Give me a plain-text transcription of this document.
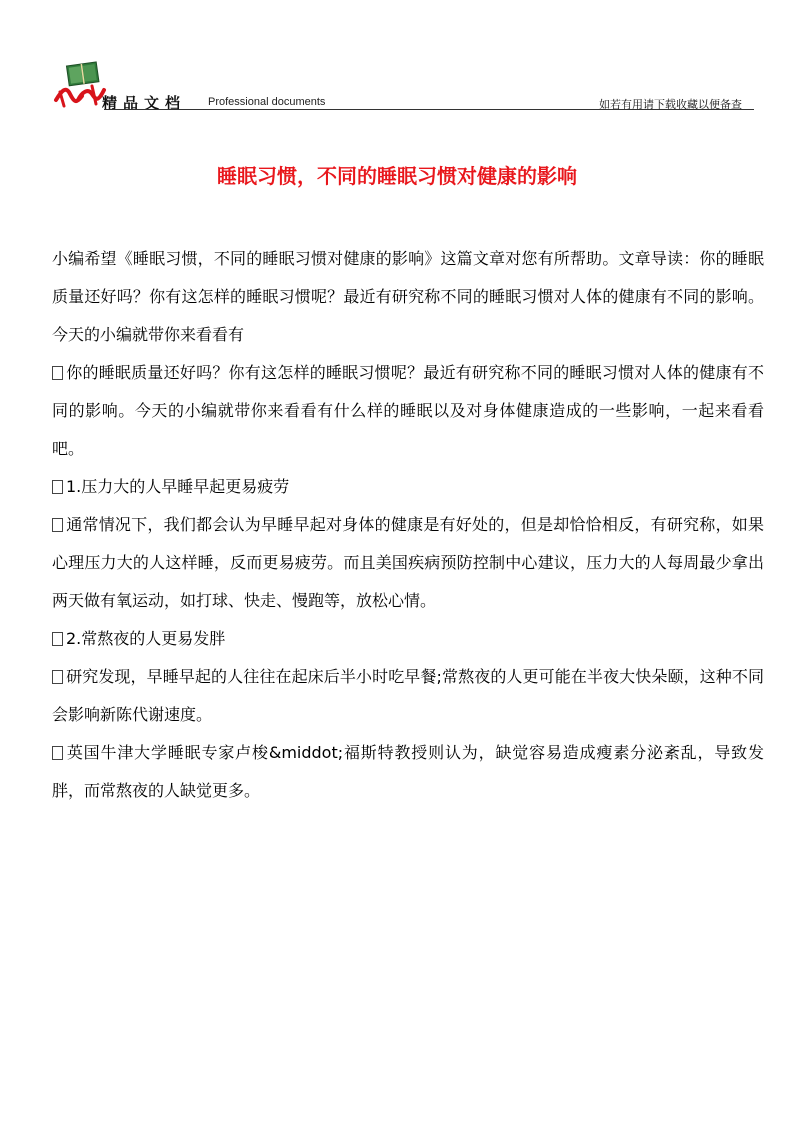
精品文档 Professional documents	如若有用请下载收藏以便备查
睡眠习惯，不同的睡眠习惯对健康的影响

小编希望《睡眠习惯，不同的睡眠习惯对健康的影响》这篇文章对您有所帮助。文章导读：你的睡眠质量还好吗？你有这怎样的睡眠习惯呢？最近有研究称不同的睡眠习惯对人体的健康有不同的影响。今天的小编就带你来看看有

你的睡眠质量还好吗？你有这怎样的睡眠习惯呢？最近有研究称不同的睡眠习惯对人体的健康有不同的影响。今天的小编就带你来看看有什么样的睡眠以及对身体健康造成的一些影响，一起来看看吧。

1.压力大的人早睡早起更易疲劳

通常情况下，我们都会认为早睡早起对身体的健康是有好处的，但是却恰恰相反，有研究称，如果心理压力大的人这样睡，反而更易疲劳。而且美国疾病预防控制中心建议，压力大的人每周最少拿出两天做有氧运动，如打球、快走、慢跑等，放松心情。

2.常熬夜的人更易发胖

研究发现，早睡早起的人往往在起床后半小时吃早餐;常熬夜的人更可能在半夜大快朵颐，这种不同会影响新陈代谢速度。

英国牛津大学睡眠专家卢梭&middot;福斯特教授则认为，缺觉容易造成瘦素分泌紊乱，导致发胖，而常熬夜的人缺觉更多。
